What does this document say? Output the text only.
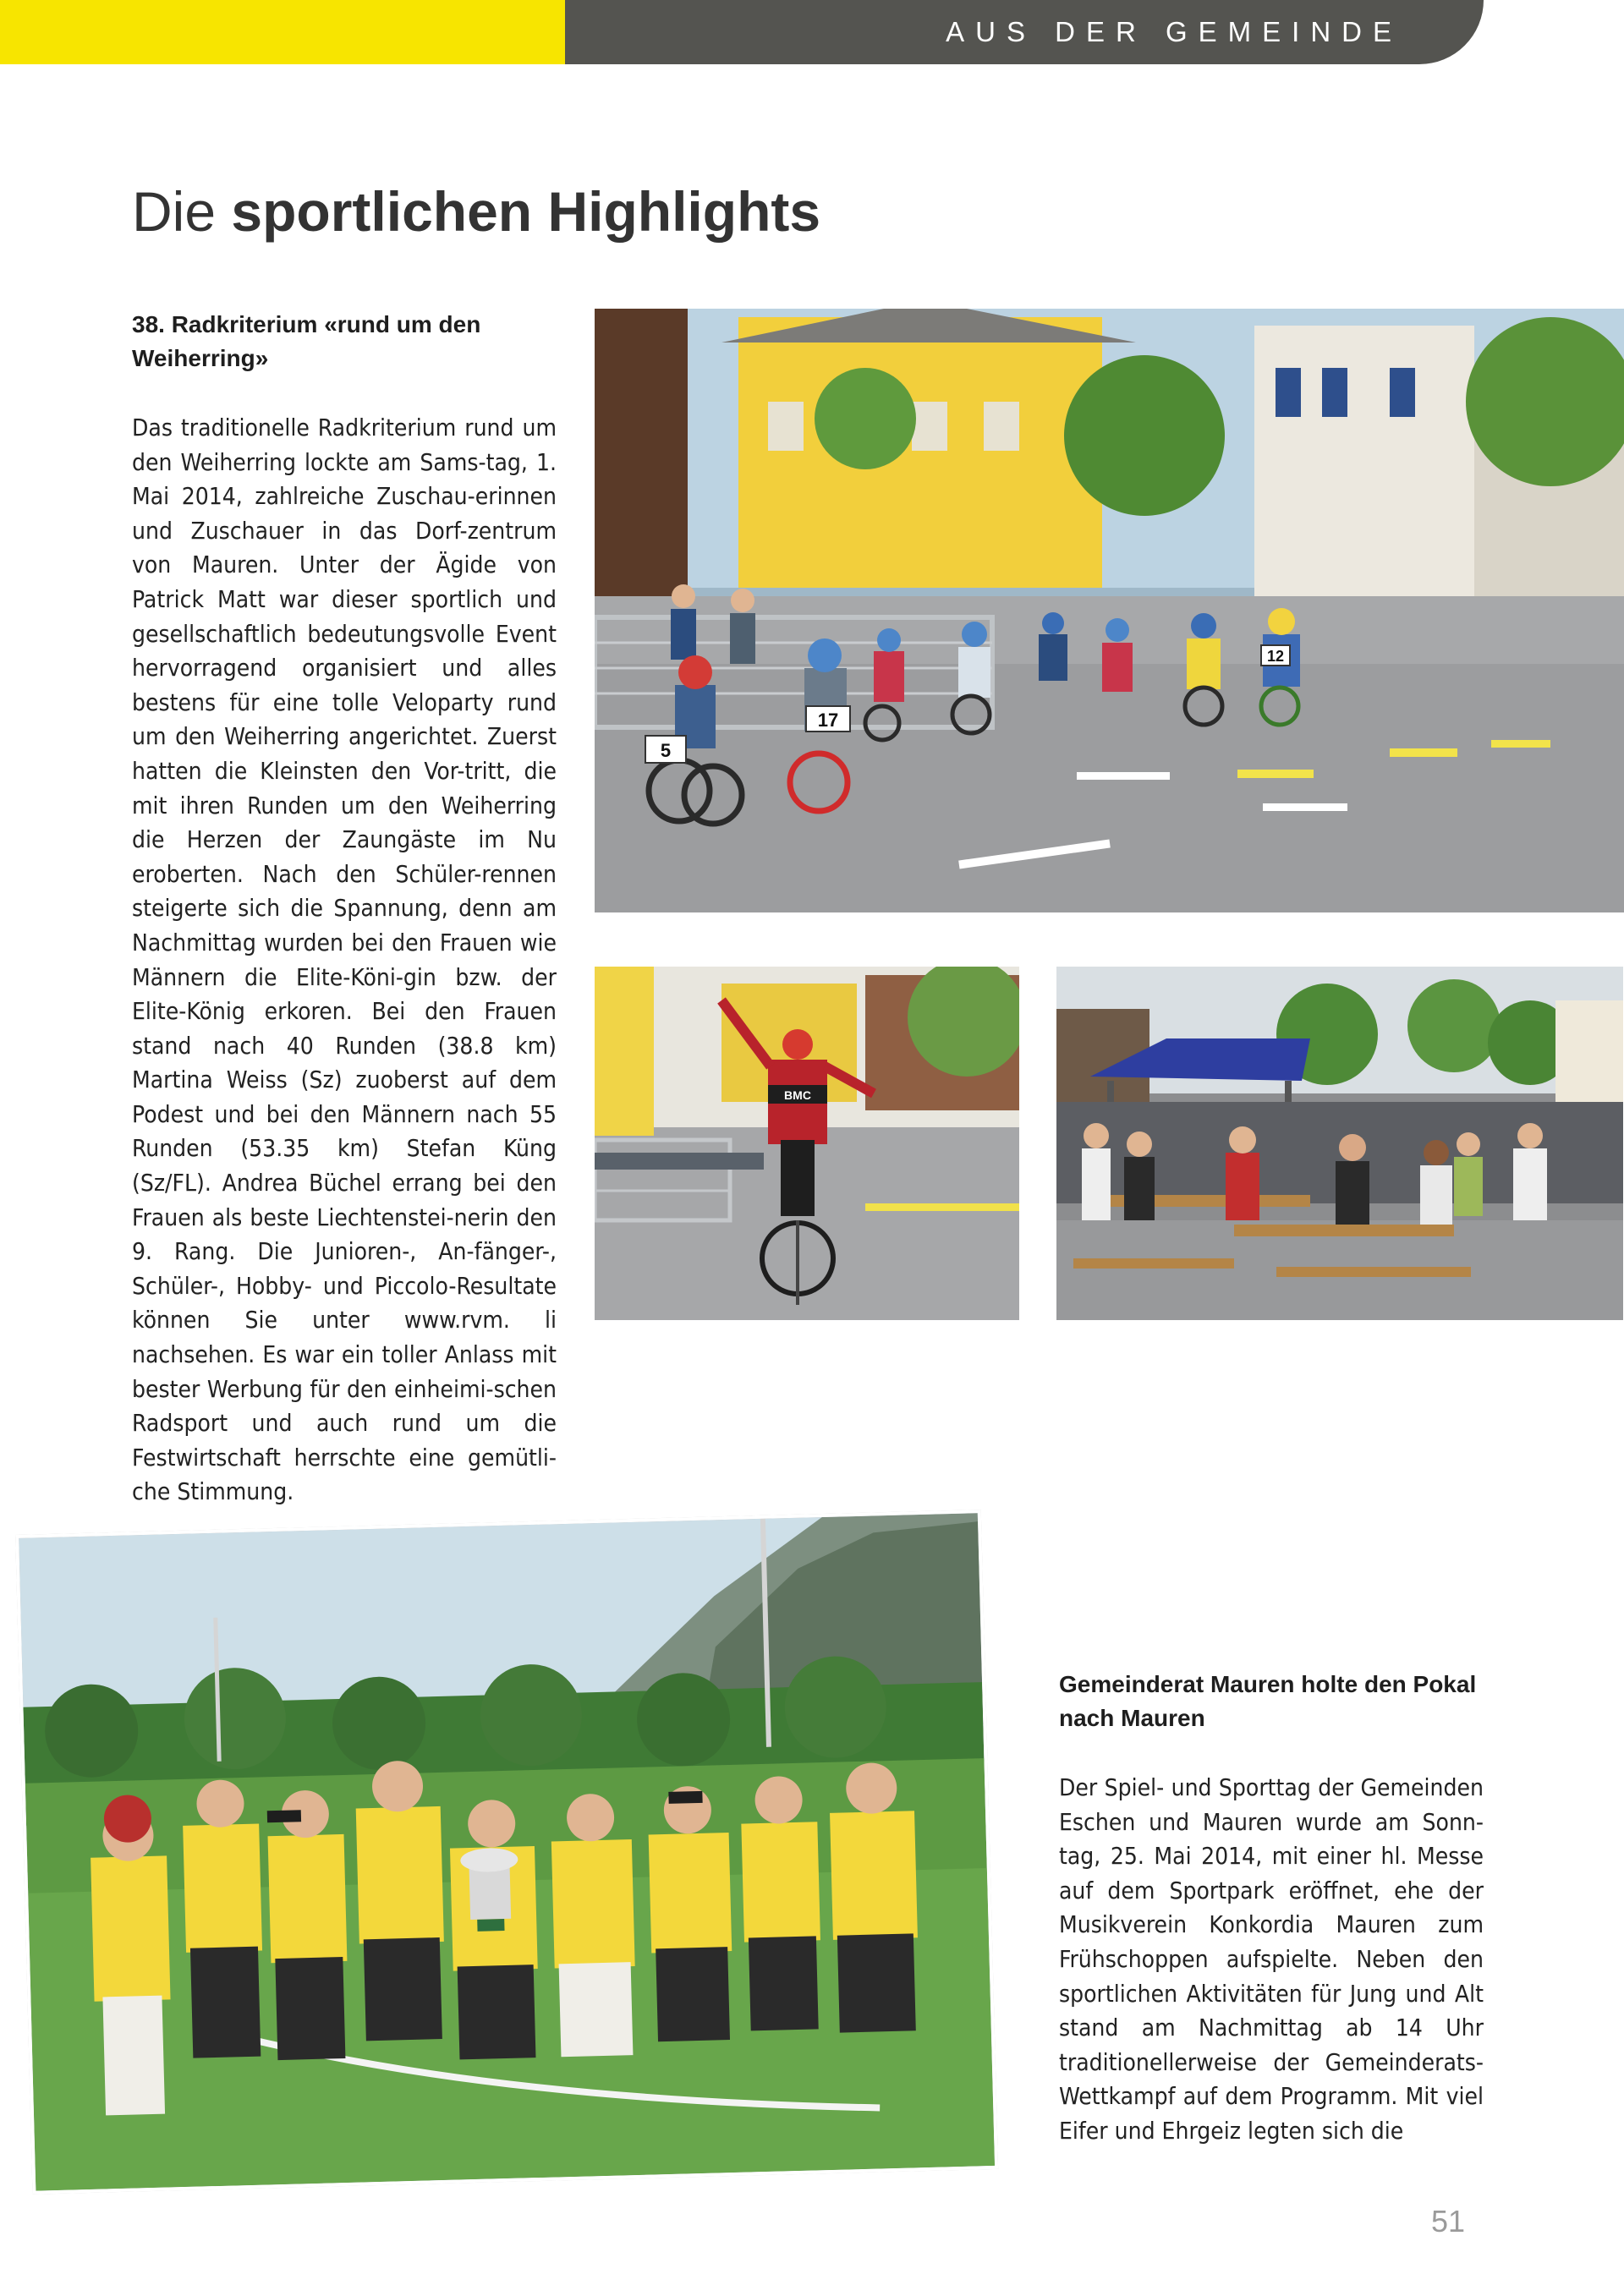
AUS DER GEMEINDE
Die sportlichen Highlights
38. Radkriterium «rund um den Weiherring»

Das traditionelle Radkriterium rund um den Weiherring lockte am Sams-tag, 1. Mai 2014, zahlreiche Zuschau-erinnen und Zuschauer in das Dorf-zentrum von Mauren. Unter der Ägide von Patrick Matt war dieser sportlich und gesellschaftlich bedeutungsvolle Event hervorragend organisiert und alles bestens für eine tolle Veloparty rund um den Weiherring angerichtet. Zuerst hatten die Kleinsten den Vor-tritt, die mit ihren Runden um den Weiherring die Herzen der Zaungäste im Nu eroberten. Nach den Schüler-rennen steigerte sich die Spannung, denn am Nachmittag wurden bei den Frauen wie Männern die Elite-Köni-gin bzw. der Elite-König erkoren. Bei den Frauen stand nach 40 Runden (38.8 km) Martina Weiss (Sz) zuoberst auf dem Podest und bei den Männern nach 55 Runden (53.35 km) Stefan Küng (Sz/FL). Andrea Büchel errang bei den Frauen als beste Liechtenstei-nerin den 9. Rang. Die Junioren-, An-fänger-, Schüler-, Hobby- und Piccolo-Resultate können Sie unter www.rvm. li nachsehen. Es war ein toller Anlass mit bester Werbung für den einheimi-schen Radsport und auch rund um die Festwirtschaft herrschte eine gemütli-che Stimmung.

5
17
12
BMC
Gemeinderat Mauren holte den Pokal nach Mauren

Der Spiel- und Sporttag der Gemeinden Eschen und Mauren wurde am Sonn-tag, 25. Mai 2014, mit einer hl. Messe auf dem Sportpark eröffnet, ehe der Musikverein Konkordia Mauren zum Frühschoppen aufspielte. Neben den sportlichen Aktivitäten für Jung und Alt stand am Nachmittag ab 14 Uhr traditionellerweise der Gemeinderats-Wettkampf auf dem Programm. Mit viel Eifer und Ehrgeiz legten sich die

51
